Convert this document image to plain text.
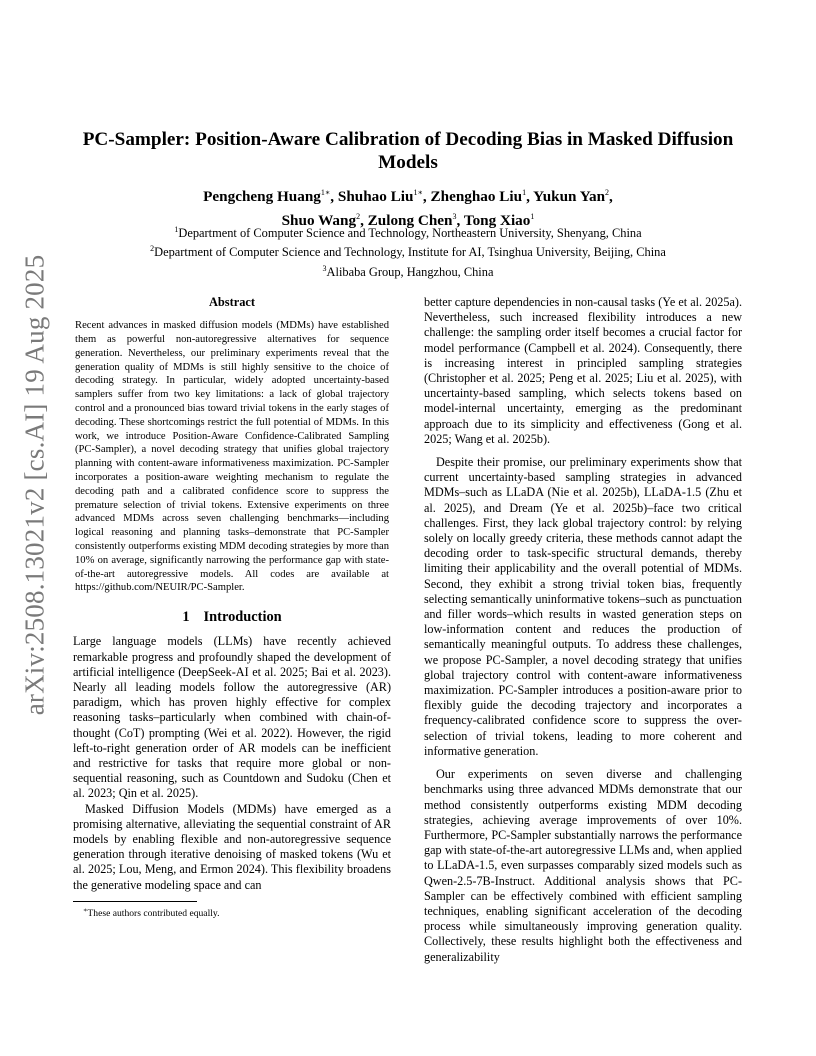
arXiv:2508.13021v2 [cs.AI] 19 Aug 2025
PC-Sampler: Position-Aware Calibration of Decoding Bias in Masked Diffusion Models
Pengcheng Huang$^{1∗}$, Shuhao Liu$^{1∗}$, Zhenghao Liu$^1$, Yukun Yan$^2$,
Shuo Wang$^2$, Zulong Chen$^3$, Tong Xiao$^1$
$^1$Department of Computer Science and Technology, Northeastern University, Shenyang, China
$^2$Department of Computer Science and Technology, Institute for AI, Tsinghua University, Beijing, China
$^3$Alibaba Group, Hangzhou, China
Abstract

Recent advances in masked diffusion models (MDMs) have established them as powerful non-autoregressive alternatives for sequence generation. Nevertheless, our preliminary experiments reveal that the generation quality of MDMs is still highly sensitive to the choice of decoding strategy. In particular, widely adopted uncertainty-based samplers suffer from two key limitations: a lack of global trajectory control and a pronounced bias toward trivial tokens in the early stages of decoding. These shortcomings restrict the full potential of MDMs. In this work, we introduce Position-Aware Confidence-Calibrated Sampling (PC-Sampler), a novel decoding strategy that unifies global trajectory planning with content-aware informativeness maximization. PC-Sampler incorporates a position-aware weighting mechanism to regulate the decoding path and a calibrated confidence score to suppress the premature selection of trivial tokens. Extensive experiments on three advanced MDMs across seven challenging benchmarks—including logical reasoning and planning tasks–demonstrate that PC-Sampler consistently outperforms existing MDM decoding strategies by more than 10% on average, significantly narrowing the performance gap with state-of-the-art autoregressive models. All codes are available at https://github.com/NEUIR/PC-Sampler.

1 Introduction

Large language models (LLMs) have recently achieved remarkable progress and profoundly shaped the development of artificial intelligence (DeepSeek-AI et al. 2025; Bai et al. 2023). Nearly all leading models follow the autoregressive (AR) paradigm, which has proven highly effective for complex reasoning tasks–particularly when combined with chain-of-thought (CoT) prompting (Wei et al. 2022). However, the rigid left-to-right generation order of AR models can be inefficient and restrictive for tasks that require more global or non-sequential reasoning, such as Countdown and Sudoku (Chen et al. 2023; Qin et al. 2025).

Masked Diffusion Models (MDMs) have emerged as a promising alternative, alleviating the sequential constraint of AR models by enabling flexible and non-autoregressive sequence generation through iterative denoising of masked tokens (Wu et al. 2025; Lou, Meng, and Ermon 2024). This flexibility broadens the generative modeling space and can

∗These authors contributed equally.

better capture dependencies in non-causal tasks (Ye et al. 2025a). Nevertheless, such increased flexibility introduces a new challenge: the sampling order itself becomes a crucial factor for model performance (Campbell et al. 2024). Consequently, there is increasing interest in principled sampling strategies (Christopher et al. 2025; Peng et al. 2025; Liu et al. 2025), with uncertainty-based sampling, which selects tokens based on model-internal uncertainty, emerging as the predominant approach due to its simplicity and effectiveness (Gong et al. 2025; Wang et al. 2025b).

Despite their promise, our preliminary experiments show that current uncertainty-based sampling strategies in advanced MDMs–such as LLaDA (Nie et al. 2025b), LLaDA-1.5 (Zhu et al. 2025), and Dream (Ye et al. 2025b)–face two critical challenges. First, they lack global trajectory control: by relying solely on locally greedy criteria, these methods cannot adapt the decoding order to task-specific structural demands, thereby limiting their applicability and the overall potential of MDMs. Second, they exhibit a strong trivial token bias, frequently selecting semantically uninformative tokens–such as punctuation and filler words–which results in wasted generation steps on low-information content and reduces the production of semantically meaningful outputs. To address these challenges, we propose PC-Sampler, a novel decoding strategy that unifies global trajectory control with content-aware informativeness maximization. PC-Sampler introduces a position-aware prior to flexibly guide the decoding trajectory and incorporates a frequency-calibrated confidence score to suppress the over-selection of trivial tokens, leading to more coherent and informative generation.

Our experiments on seven diverse and challenging benchmarks using three advanced MDMs demonstrate that our method consistently outperforms existing MDM decoding strategies, achieving average improvements of over 10%. Furthermore, PC-Sampler substantially narrows the performance gap with state-of-the-art autoregressive LLMs and, when applied to LLaDA-1.5, even surpasses comparably sized models such as Qwen-2.5-7B-Instruct. Additional analysis shows that PC-Sampler can be effectively combined with efficient sampling techniques, enabling significant acceleration of the decoding process while simultaneously improving generation quality. Collectively, these results highlight both the effectiveness and generalizability
